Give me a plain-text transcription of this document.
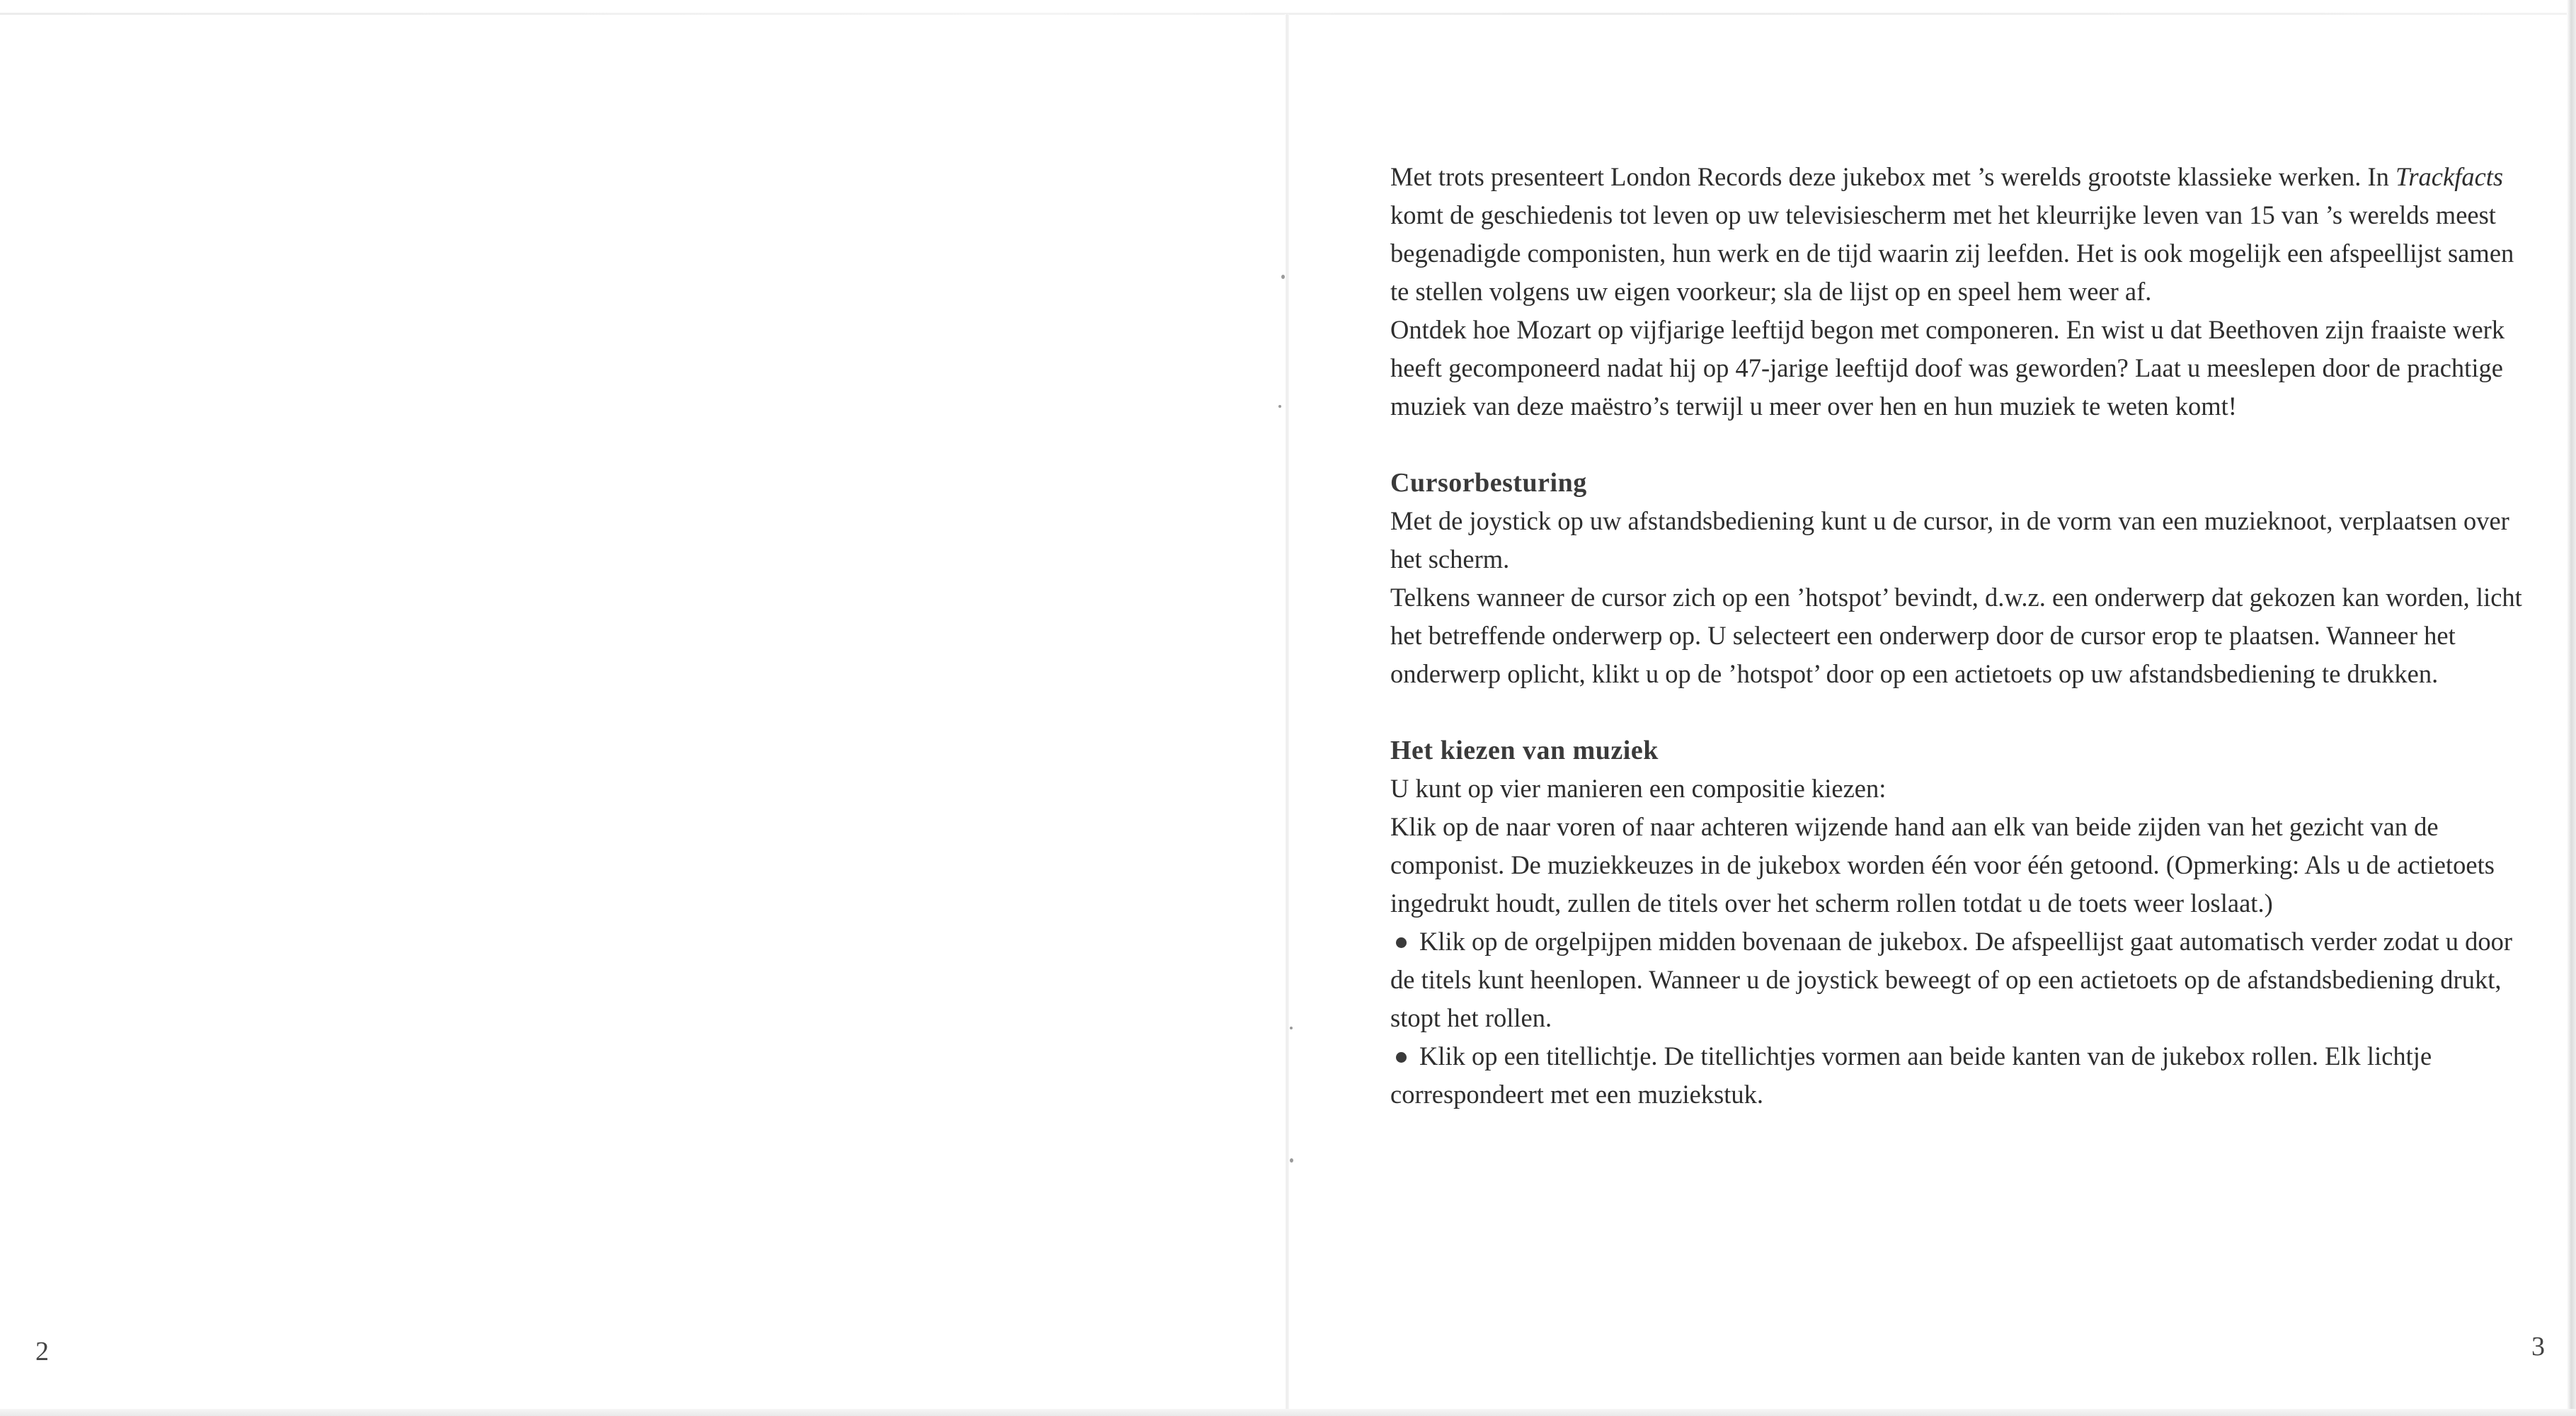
2

Met trots presenteert London Records deze jukebox met ’s werelds grootste klassieke werken. In Trackfacts komt de geschiedenis tot leven op uw televisiescherm met het kleurrijke leven van 15 van ’s werelds meest begenadigde componisten, hun werk en de tijd waarin zij leefden. Het is ook mogelijk een afspeellijst samen te stellen volgens uw eigen voorkeur; sla de lijst op en speel hem weer af.

Ontdek hoe Mozart op vijfjarige leeftijd begon met componeren. En wist u dat Beethoven zijn fraaiste werk heeft gecomponeerd nadat hij op 47-jarige leeftijd doof was geworden? Laat u meeslepen door de prachtige muziek van deze maëstro’s terwijl u meer over hen en hun muziek te weten komt!

Cursorbesturing

Met de joystick op uw afstandsbediening kunt u de cursor, in de vorm van een muzieknoot, verplaatsen over het scherm.

Telkens wanneer de cursor zich op een ’hotspot’ bevindt, d.w.z. een onderwerp dat gekozen kan worden, licht het betreffende onderwerp op. U selecteert een onderwerp door de cursor erop te plaatsen. Wanneer het onderwerp oplicht, klikt u op de ’hotspot’ door op een actietoets op uw afstandsbediening te drukken.

Het kiezen van muziek

U kunt op vier manieren een compositie kiezen:

Klik op de naar voren of naar achteren wijzende hand aan elk van beide zijden van het gezicht van de componist. De muziekkeuzes in de jukebox worden één voor één getoond. (Opmerking: Als u de actietoets ingedrukt houdt, zullen de titels over het scherm rollen totdat u de toets weer loslaat.)

Klik op de orgelpijpen midden bovenaan de jukebox. De afspeellijst gaat automatisch verder zodat u door de titels kunt heenlopen. Wanneer u de joystick beweegt of op een actietoets op de afstandsbediening drukt, stopt het rollen.

Klik op een titellichtje. De titellichtjes vormen aan beide kanten van de jukebox rollen. Elk lichtje correspondeert met een muziekstuk.

3
